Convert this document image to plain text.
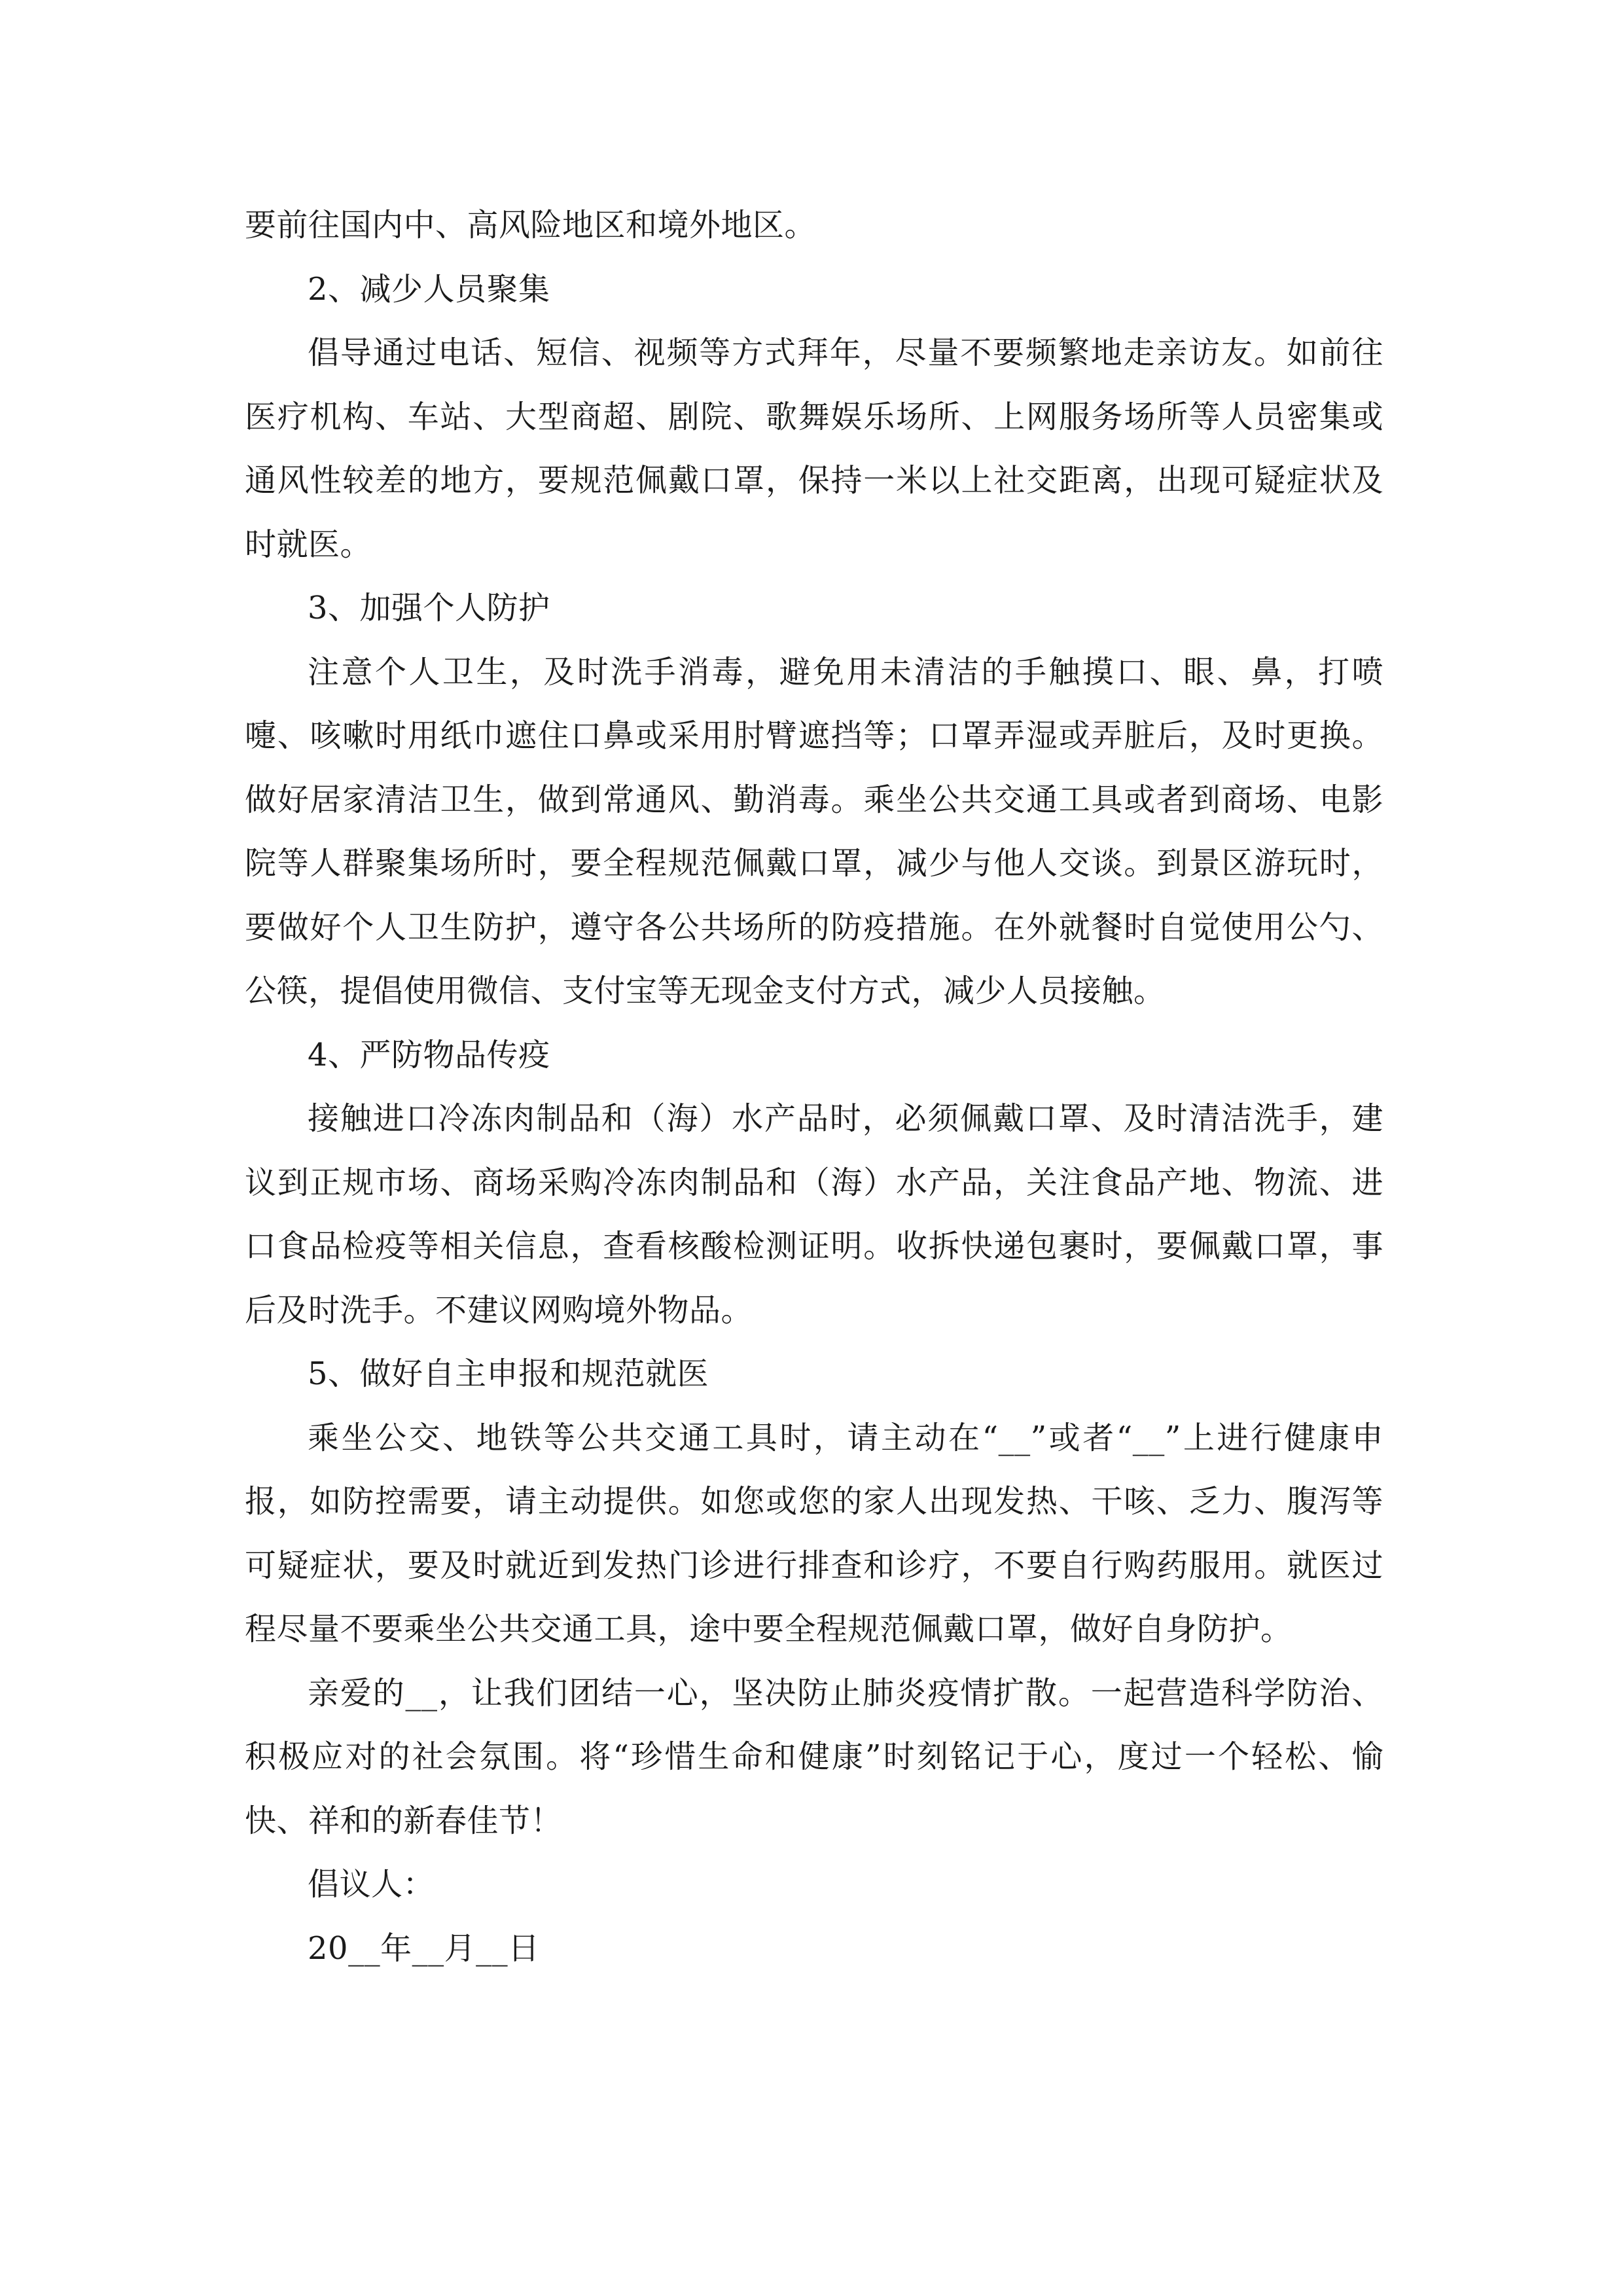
要前往国内中、高风险地区和境外地区。

2、减少人员聚集

倡导通过电话、短信、视频等方式拜年，尽量不要频繁地走亲访友。如前往医疗机构、车站、大型商超、剧院、歌舞娱乐场所、上网服务场所等人员密集或通风性较差的地方，要规范佩戴口罩，保持一米以上社交距离，出现可疑症状及时就医。

3、加强个人防护

注意个人卫生，及时洗手消毒，避免用未清洁的手触摸口、眼、鼻，打喷嚏、咳嗽时用纸巾遮住口鼻或采用肘臂遮挡等；口罩弄湿或弄脏后，及时更换。做好居家清洁卫生，做到常通风、勤消毒。乘坐公共交通工具或者到商场、电影 院等人群聚集场所时，要全程规范佩戴口罩，减少与他人交谈。到景区游玩时，要做好个人卫生防护，遵守各公共场所的防疫措施。在外就餐时自觉使用公勺、公筷，提倡使用微信、支付宝等无现金支付方式，减少人员接触。

4、严防物品传疫

接触进口冷冻肉制品和（海）水产品时，必须佩戴口罩、及时清洁洗手，建议到正规市场、商场采购冷冻肉制品和（海）水产品，关注食品产地、物流、进口食品检疫等相关信息，查看核酸检测证明。收拆快递包裹时，要佩戴口罩，事后及时洗手。不建议网购境外物品。

5、做好自主申报和规范就医

乘坐公交、地铁等公共交通工具时，请主动在“__”或者“__”上进行健康申报，如防控需要，请主动提供。如您或您的家人出现发热、干咳、乏力、腹泻等可疑症状，要及时就近到发热门诊进行排查和诊疗，不要自行购药服用。就医过程尽量不要乘坐公共交通工具，途中要全程规范佩戴口罩，做好自身防护。

亲爱的__，让我们团结一心，坚决防止肺炎疫情扩散。一起营造科学防治、积极应对的社会氛围。将“珍惜生命和健康”时刻铭记于心，度过一个轻松、愉快、祥和的新春佳节！

倡议人：

20__年__月__日
